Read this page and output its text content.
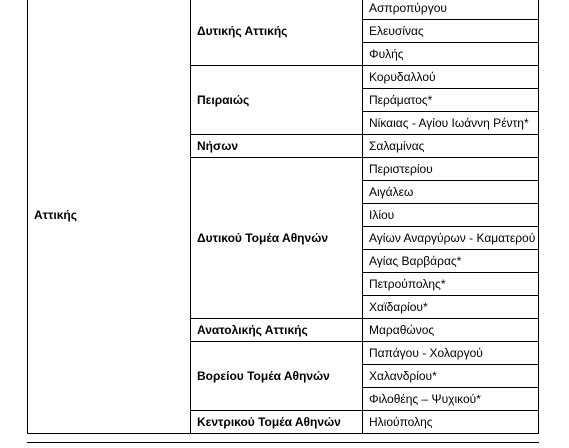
Αττικής	Δυτικής Αττικής	Ασπροπύργου
		Ελευσίνας
		Φυλής
	Πειραιώς	Κορυδαλλού
		Περάματος*
		Νίκαιας - Αγίου Ιωάννη Ρέντη*
	Νήσων	Σαλαμίνας
	Δυτικού Τομέα Αθηνών	Περιστερίου
		Αιγάλεω
		Ιλίου
		Αγίων Αναργύρων - Καματερού
		Αγίας Βαρβάρας*
		Πετρούπολης*
		Χαϊδαρίου*
	Ανατολικής Αττικής	Μαραθώνος
	Βορείου Τομέα Αθηνών	Παπάγου - Χολαργού
		Χαλανδρίου*
		Φιλοθέης – Ψυχικού*
	Κεντρικού Τομέα Αθηνών	Ηλιούπολης
